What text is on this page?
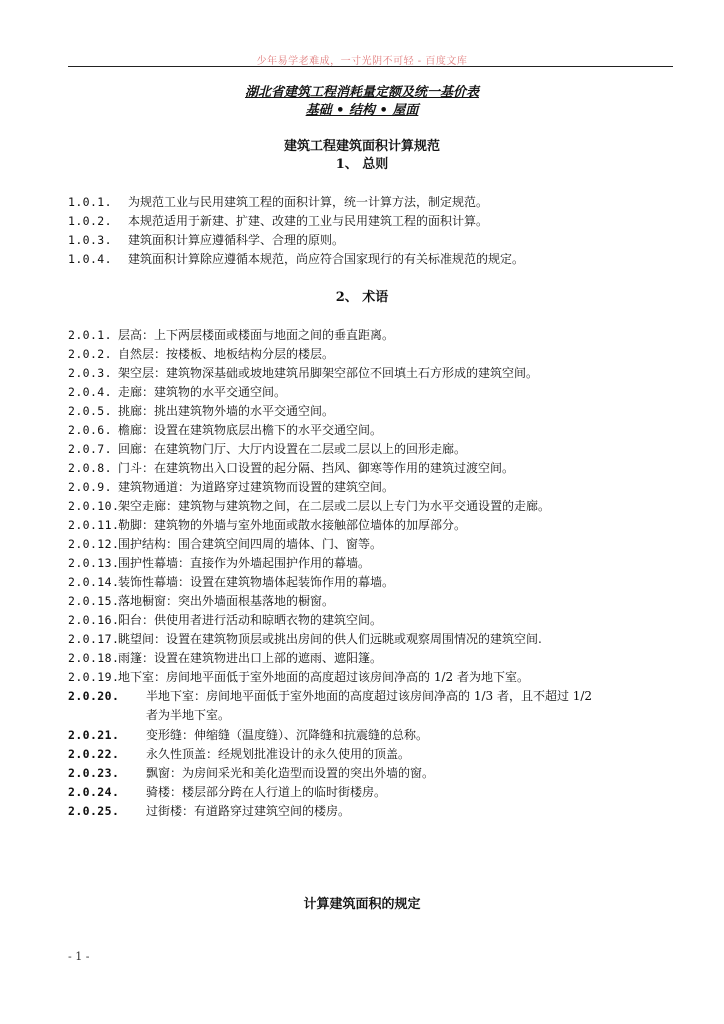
少年易学老难成，一寸光阴不可轻 - 百度文库
湖北省建筑工程消耗量定额及统一基价表
基础 • 结构 • 屋面
建筑工程建筑面积计算规范
1、 总则
1.0.1. 为规范工业与民用建筑工程的面积计算，统一计算方法，制定规范。
1.0.2. 本规范适用于新建、扩建、改建的工业与民用建筑工程的面积计算。
1.0.3. 建筑面积计算应遵循科学、合理的原则。
1.0.4. 建筑面积计算除应遵循本规范，尚应符合国家现行的有关标准规范的规定。
2、 术语
2.0.1. 层高：上下两层楼面或楼面与地面之间的垂直距离。
2.0.2. 自然层：按楼板、地板结构分层的楼层。
2.0.3. 架空层：建筑物深基础或坡地建筑吊脚架空部位不回填土石方形成的建筑空间。
2.0.4. 走廊：建筑物的水平交通空间。
2.0.5. 挑廊：挑出建筑物外墙的水平交通空间。
2.0.6. 檐廊：设置在建筑物底层出檐下的水平交通空间。
2.0.7. 回廊：在建筑物门厅、大厅内设置在二层或二层以上的回形走廊。
2.0.8. 门斗：在建筑物出入口设置的起分隔、挡风、御寒等作用的建筑过渡空间。
2.0.9. 建筑物通道：为道路穿过建筑物而设置的建筑空间。
2.0.10.架空走廊：建筑物与建筑物之间，在二层或二层以上专门为水平交通设置的走廊。
2.0.11.勒脚：建筑物的外墙与室外地面或散水接触部位墙体的加厚部分。
2.0.12.围护结构：围合建筑空间四周的墙体、门、窗等。
2.0.13.围护性幕墙：直接作为外墙起围护作用的幕墙。
2.0.14.装饰性幕墙：设置在建筑物墙体起装饰作用的幕墙。
2.0.15.落地橱窗：突出外墙面根基落地的橱窗。
2.0.16.阳台：供使用者进行活动和晾晒衣物的建筑空间。
2.0.17.眺望间：设置在建筑物顶层或挑出房间的供人们远眺或观察周围情况的建筑空间.
2.0.18.雨篷：设置在建筑物进出口上部的遮雨、遮阳篷。
2.0.19.地下室：房间地平面低于室外地面的高度超过该房间净高的 1/2 者为地下室。
2.0.20. 半地下室：房间地平面低于室外地面的高度超过该房间净高的 1/3 者，且不超过 1/2
者为半地下室。
2.0.21. 变形缝：伸缩缝（温度缝）、沉降缝和抗震缝的总称。
2.0.22. 永久性顶盖：经规划批准设计的永久使用的顶盖。
2.0.23. 飘窗：为房间采光和美化造型而设置的突出外墙的窗。
2.0.24. 骑楼：楼层部分跨在人行道上的临时街楼房。
2.0.25. 过街楼：有道路穿过建筑空间的楼房。
计算建筑面积的规定
- 1 -
